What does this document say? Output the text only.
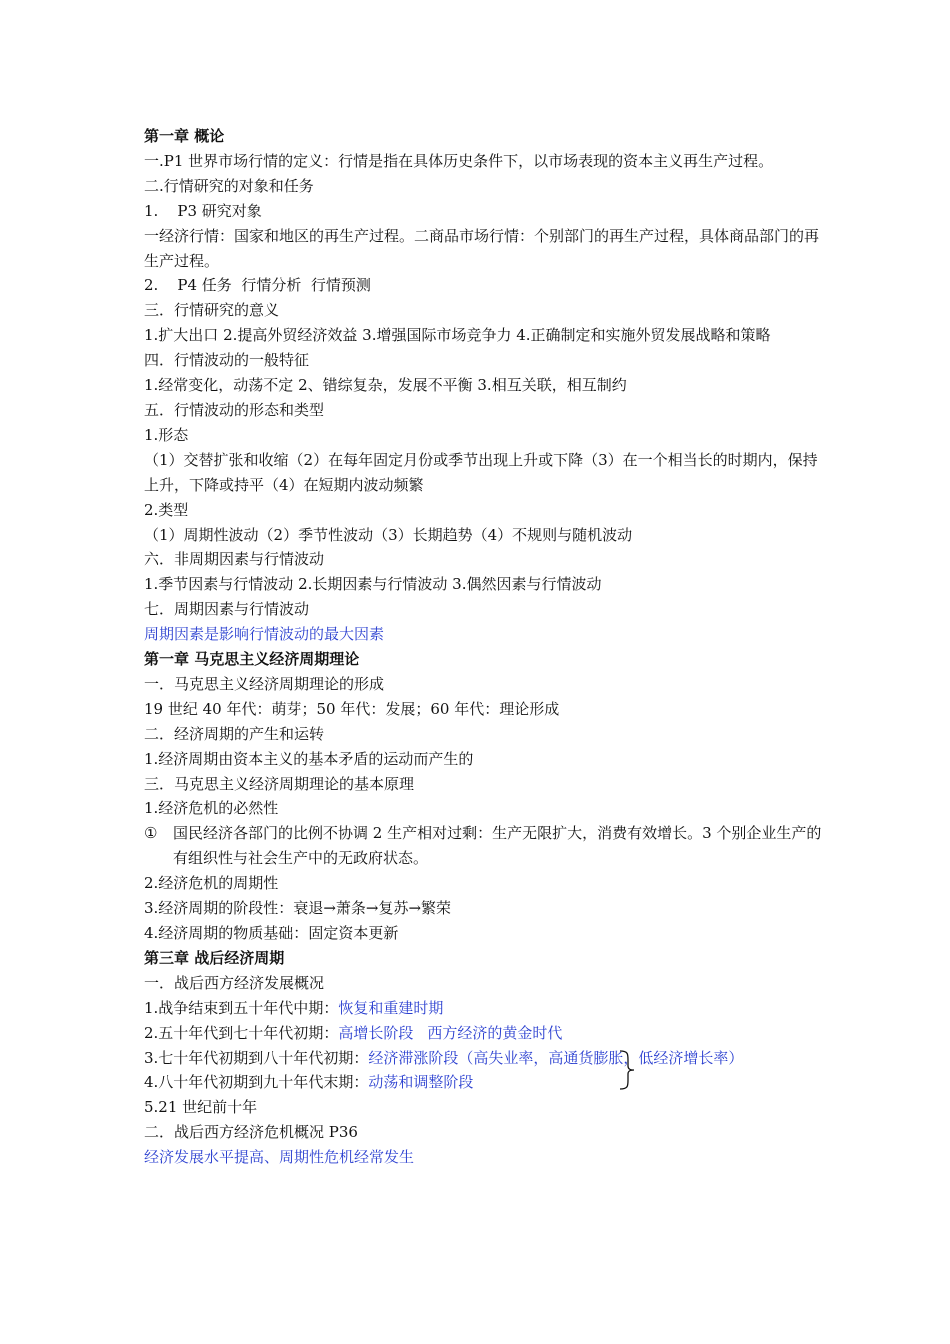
第一章 概论
一.P1 世界市场行情的定义：行情是指在具体历史条件下，以市场表现的资本主义再生产过程。
二.行情研究的对象和任务
1.    P3 研究对象
一经济行情：国家和地区的再生产过程。二商品市场行情：个别部门的再生产过程，具体商品部门的再生产过程。
2.    P4 任务  行情分析  行情预测
三．行情研究的意义
1.扩大出口 2.提高外贸经济效益 3.增强国际市场竞争力 4.正确制定和实施外贸发展战略和策略
四．行情波动的一般特征
1.经常变化，动荡不定 2、错综复杂，发展不平衡 3.相互关联，相互制约
五．行情波动的形态和类型
1.形态
（1）交替扩张和收缩（2）在每年固定月份或季节出现上升或下降（3）在一个相当长的时期内，保持上升，下降或持平（4）在短期内波动频繁
2.类型
（1）周期性波动（2）季节性波动（3）长期趋势（4）不规则与随机波动
六．非周期因素与行情波动
1.季节因素与行情波动 2.长期因素与行情波动 3.偶然因素与行情波动
七．周期因素与行情波动
周期因素是影响行情波动的最大因素
第一章 马克思主义经济周期理论
一．马克思主义经济周期理论的形成
19 世纪 40 年代：萌芽；50 年代：发展；60 年代：理论形成
二．经济周期的产生和运转
1.经济周期由资本主义的基本矛盾的运动而产生的
三．马克思主义经济周期理论的基本原理
1.经济危机的必然性
①	国民经济各部门的比例不协调 2 生产相对过剩：生产无限扩大，消费有效增长。3 个别企业生产的有组织性与社会生产中的无政府状态。
2.经济危机的周期性
3.经济周期的阶段性：衰退→萧条→复苏→繁荣
4.经济周期的物质基础：固定资本更新
第三章 战后经济周期
一．战后西方经济发展概况
1.战争结束到五十年代中期：恢复和重建时期
2.五十年代到七十年代初期：高增长阶段 西方经济的黄金时代
3.七十年代初期到八十年代初期：经济滞涨阶段（高失业率，高通货膨胀，低经济增长率）
4.八十年代初期到九十年代末期：动荡和调整阶段
5.21 世纪前十年
二．战后西方经济危机概况 P36
经济发展水平提高、周期性危机经常发生
